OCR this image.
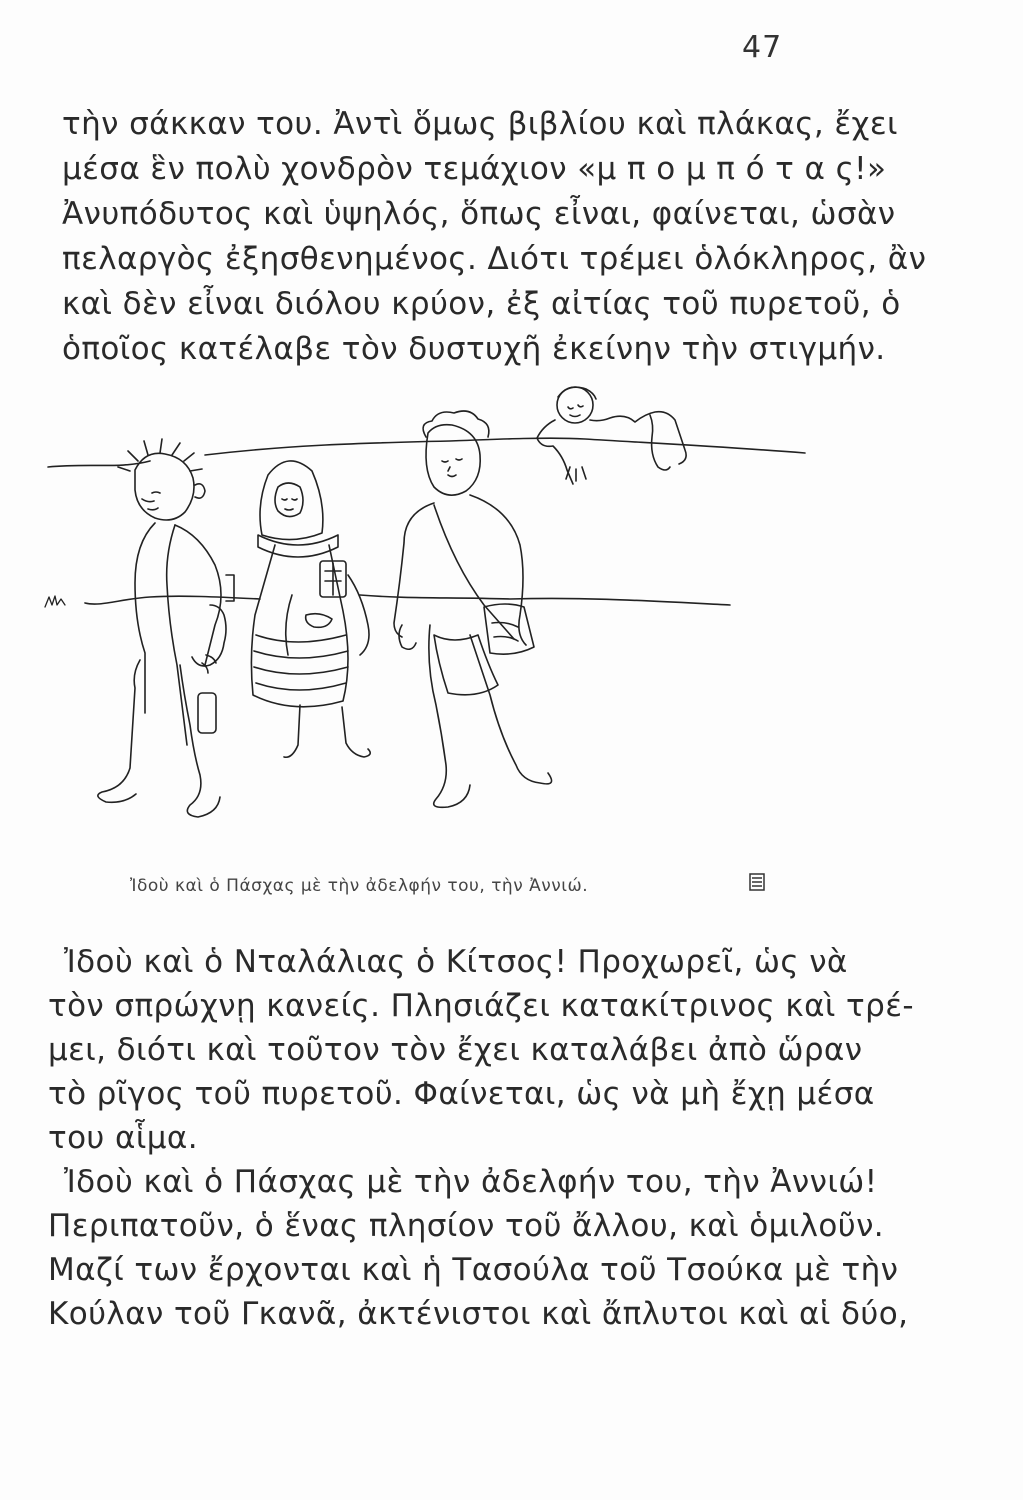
47
τὴν σάκκαν του. Ἀντὶ ὅμως βιβλίου καὶ πλάκας, ἔχει
μέσα ἓν πολὺ χονδρὸν τεμάχιον «μ π ο μ π ό τ α ς!»
Ἀνυπόδυτος καὶ ὑψηλός, ὅπως εἶναι, φαίνεται, ὡσὰν
πελαργὸς ἐξησθενημένος. Διότι τρέμει ὁλόκληρος, ἂν
καὶ δὲν εἶναι διόλου κρύον, ἐξ αἰτίας τοῦ πυρετοῦ, ὁ
ὁποῖος κατέλαβε τὸν δυστυχῆ ἐκείνην τὴν στιγμήν.
Ἰδοὺ καὶ ὁ Πάσχας μὲ τὴν ἀδελφήν του, τὴν Ἀννιώ.
Ἰδοὺ καὶ ὁ Νταλάλιας ὁ Κίτσος! Προχωρεῖ, ὡς νὰ
τὸν σπρώχνῃ κανείς. Πλησιάζει κατακίτρινος καὶ τρέ-
μει, διότι καὶ τοῦτον τὸν ἔχει καταλάβει ἀπὸ ὥραν
τὸ ρῖγος τοῦ πυρετοῦ. Φαίνεται, ὡς νὰ μὴ ἔχῃ μέσα
του αἷμα.
Ἰδοὺ καὶ ὁ Πάσχας μὲ τὴν ἀδελφήν του, τὴν Ἀννιώ!
Περιπατοῦν, ὁ ἕνας πλησίον τοῦ ἄλλου, καὶ ὁμιλοῦν.
Μαζί των ἔρχονται καὶ ἡ Τασούλα τοῦ Τσούκα μὲ τὴν
Κούλαν τοῦ Γκανᾶ, ἀκτένιστοι καὶ ἄπλυτοι καὶ αἱ δύο,
